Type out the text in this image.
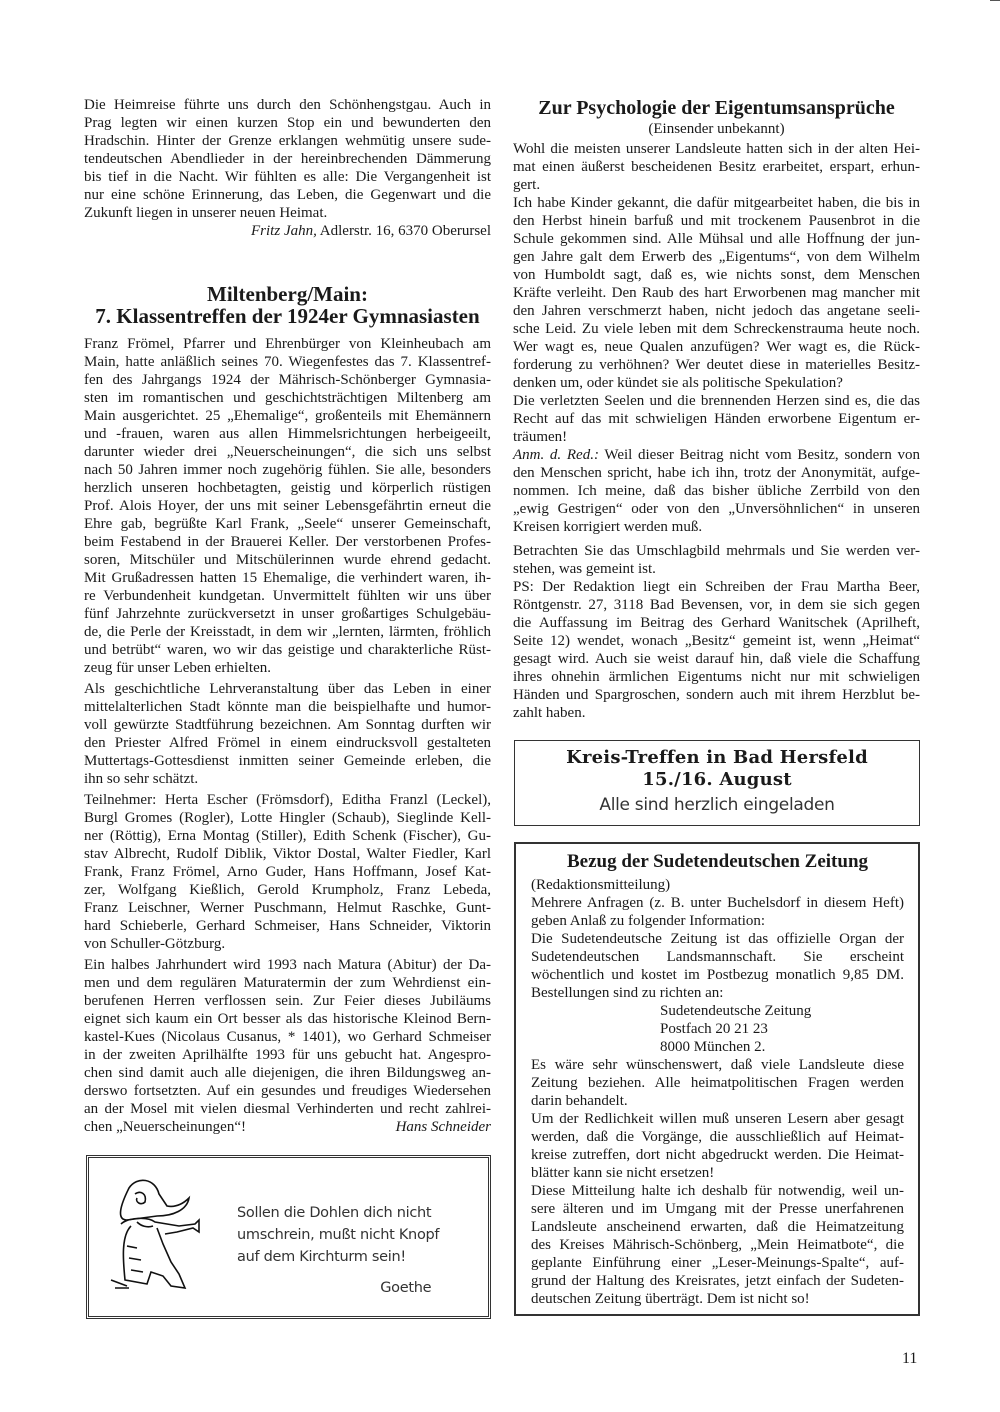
Die Heimreise führte uns durch den Schönhengstgau. Auch in
Prag legten wir einen kurzen Stop ein und bewunderten den
Hradschin. Hinter der Grenze erklangen wehmütig unsere sude-
tendeutschen Abendlieder in der hereinbrechenden Dämmerung
bis tief in die Nacht. Wir fühlten es alle: Die Vergangenheit ist
nur eine schöne Erinnerung, das Leben, die Gegenwart und die
Zukunft liegen in unserer neuen Heimat.
Fritz Jahn, Adlerstr. 16, 6370 Oberursel
Miltenberg/Main:
7. Klassentreffen der 1924er Gymnasiasten
Franz Frömel, Pfarrer und Ehrenbürger von Kleinheubach am
Main, hatte anläßlich seines 70. Wiegenfestes das 7. Klassentref-
fen des Jahrgangs 1924 der Mährisch-Schönberger Gymnasia-
sten im romantischen und geschichtsträchtigen Miltenberg am
Main ausgerichtet. 25 „Ehemalige“, großenteils mit Ehemännern
und -frauen, waren aus allen Himmelsrichtungen herbeigeeilt,
darunter wieder drei „Neuerscheinungen“, die sich uns selbst
nach 50 Jahren immer noch zugehörig fühlen. Sie alle, besonders
herzlich unseren hochbetagten, geistig und körperlich rüstigen
Prof. Alois Hoyer, der uns mit seiner Lebensgefährtin erneut die
Ehre gab, begrüßte Karl Frank, „Seele“ unserer Gemeinschaft,
beim Festabend in der Brauerei Keller. Der verstorbenen Profes-
soren, Mitschüler und Mitschülerinnen wurde ehrend gedacht.
Mit Grußadressen hatten 15 Ehemalige, die verhindert waren, ih-
re Verbundenheit kundgetan. Unvermittelt fühlten wir uns über
fünf Jahrzehnte zurückversetzt in unser großartiges Schulgebäu-
de, die Perle der Kreisstadt, in dem wir „lernten, lärmten, fröhlich
und betrübt“ waren, wo wir das geistige und charakterliche Rüst-
zeug für unser Leben erhielten.
Als geschichtliche Lehrveranstaltung über das Leben in einer
mittelalterlichen Stadt könnte man die beispielhafte und humor-
voll gewürzte Stadtführung bezeichnen. Am Sonntag durften wir
den Priester Alfred Frömel in einem eindrucksvoll gestalteten
Muttertags-Gottesdienst inmitten seiner Gemeinde erleben, die
ihn so sehr schätzt.
Teilnehmer: Herta Escher (Frömsdorf), Editha Franzl (Leckel),
Burgl Gromes (Rogler), Lotte Hingler (Schaub), Sieglinde Kell-
ner (Röttig), Erna Montag (Stiller), Edith Schenk (Fischer), Gu-
stav Albrecht, Rudolf Diblik, Viktor Dostal, Walter Fiedler, Karl
Frank, Franz Frömel, Arno Guder, Hans Hoffmann, Josef Kat-
zer, Wolfgang Kießlich, Gerold Krumpholz, Franz Lebeda,
Franz Leischner, Werner Puschmann, Helmut Raschke, Gunt-
hard Schieberle, Gerhard Schmeiser, Hans Schneider, Viktorin
von Schuller-Götzburg.
Ein halbes Jahrhundert wird 1993 nach Matura (Abitur) der Da-
men und dem regulären Maturatermin der zum Wehrdienst ein-
berufenen Herren verflossen sein. Zur Feier dieses Jubiläums
eignet sich kaum ein Ort besser als das historische Kleinod Bern-
kastel-Kues (Nicolaus Cusanus, * 1401), wo Gerhard Schmeiser
in der zweiten Aprilhälfte 1993 für uns gebucht hat. Angespro-
chen sind damit auch alle diejenigen, die ihren Bildungsweg an-
derswo fortsetzten. Auf ein gesundes und freudiges Wiedersehen
an der Mosel mit vielen diesmal Verhinderten und recht zahlrei-
chen „Neuerscheinungen“!	Hans Schneider
Sollen die Dohlen dich nicht
umschrein, mußt nicht Knopf
auf dem Kirchturm sein!
Goethe
Zur Psychologie der Eigentumsansprüche
(Einsender unbekannt)
Wohl die meisten unserer Landsleute hatten sich in der alten Hei-
mat einen äußerst bescheidenen Besitz erarbeitet, erspart, erhun-
gert.
Ich habe Kinder gekannt, die dafür mitgearbeitet haben, die bis in
den Herbst hinein barfuß und mit trockenem Pausenbrot in die
Schule gekommen sind. Alle Mühsal und alle Hoffnung der jun-
gen Jahre galt dem Erwerb des „Eigentums“, von dem Wilhelm
von Humboldt sagt, daß es, wie nichts sonst, dem Menschen
Kräfte verleiht. Den Raub des hart Erworbenen mag mancher mit
den Jahren verschmerzt haben, nicht jedoch das angetane seeli-
sche Leid. Zu viele leben mit dem Schreckenstrauma heute noch.
Wer wagt es, neue Qualen anzufügen? Wer wagt es, die Rück-
forderung zu verhöhnen? Wer deutet diese in materielles Besitz-
denken um, oder kündet sie als politische Spekulation?
Die verletzten Seelen und die brennenden Herzen sind es, die das
Recht auf das mit schwieligen Händen erworbene Eigentum er-
träumen!
Anm. d. Red.: Weil dieser Beitrag nicht vom Besitz, sondern von
den Menschen spricht, habe ich ihn, trotz der Anonymität, aufge-
nommen. Ich meine, daß das bisher übliche Zerrbild von den
„ewig Gestrigen“ oder von den „Unversöhnlichen“ in unseren
Kreisen korrigiert werden muß.
Betrachten Sie das Umschlagbild mehrmals und Sie werden ver-
stehen, was gemeint ist.
PS: Der Redaktion liegt ein Schreiben der Frau Martha Beer,
Röntgenstr. 27, 3118 Bad Bevensen, vor, in dem sie sich gegen
die Auffassung im Beitrag des Gerhard Wanitschek (Aprilheft,
Seite 12) wendet, wonach „Besitz“ gemeint ist, wenn „Heimat“
gesagt wird. Auch sie weist darauf hin, daß viele die Schaffung
ihres ohnehin ärmlichen Eigentums nicht nur mit schwieligen
Händen und Spargroschen, sondern auch mit ihrem Herzblut be-
zahlt haben.
Kreis-Treffen in Bad Hersfeld
15./16. August
Alle sind herzlich eingeladen
Bezug der Sudetendeutschen Zeitung
(Redaktionsmitteilung)
Mehrere Anfragen (z. B. unter Buchelsdorf in diesem Heft)
geben Anlaß zu folgender Information:
Die Sudetendeutsche Zeitung ist das offizielle Organ der
Sudetendeutschen Landsmannschaft. Sie erscheint
wöchentlich und kostet im Postbezug monatlich 9,85 DM.
Bestellungen sind zu richten an:
Sudetendeutsche Zeitung
Postfach 20 21 23
8000 München 2.
Es wäre sehr wünschenswert, daß viele Landsleute diese
Zeitung beziehen. Alle heimatpolitischen Fragen werden
darin behandelt.
Um der Redlichkeit willen muß unseren Lesern aber gesagt
werden, daß die Vorgänge, die ausschließlich auf Heimat-
kreise zutreffen, dort nicht abgedruckt werden. Die Heimat-
blätter kann sie nicht ersetzen!
Diese Mitteilung halte ich deshalb für notwendig, weil un-
sere älteren und im Umgang mit der Presse unerfahrenen
Landsleute anscheinend erwarten, daß die Heimatzeitung
des Kreises Mährisch-Schönberg, „Mein Heimatbote“, die
geplante Einführung einer „Leser-Meinungs-Spalte“, auf-
grund der Haltung des Kreisrates, jetzt einfach der Sudeten-
deutschen Zeitung überträgt. Dem ist nicht so!
11
